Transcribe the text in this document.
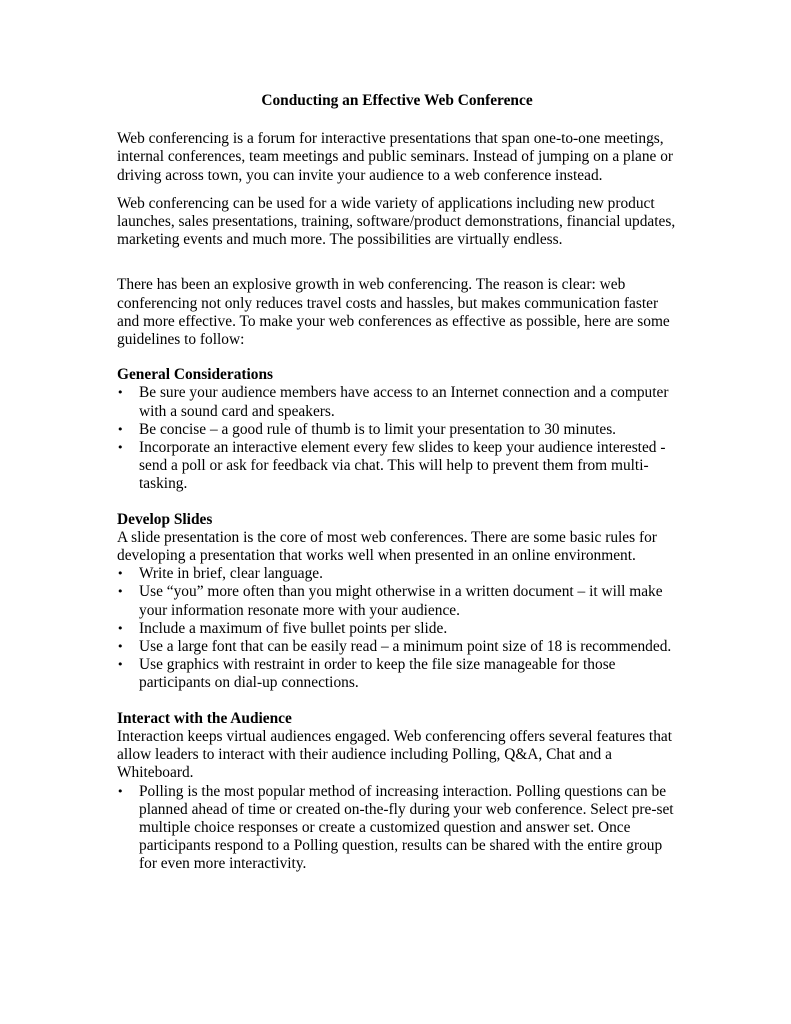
Conducting an Effective Web Conference

Web conferencing is a forum for interactive presentations that span one-to-one meetings, internal conferences, team meetings and public seminars. Instead of jumping on a plane or driving across town, you can invite your audience to a web conference instead.

Web conferencing can be used for a wide variety of applications including new product launches, sales presentations, training, software/product demonstrations, financial updates, marketing events and much more. The possibilities are virtually endless.

There has been an explosive growth in web conferencing. The reason is clear: web conferencing not only reduces travel costs and hassles, but makes communication faster and more effective. To make your web conferences as effective as possible, here are some guidelines to follow:

General Considerations
•	Be sure your audience members have access to an Internet connection and a computer with a sound card and speakers.
•	Be concise – a good rule of thumb is to limit your presentation to 30 minutes.
•	Incorporate an interactive element every few slides to keep your audience interested - send a poll or ask for feedback via chat. This will help to prevent them from multi-tasking.
Develop Slides

A slide presentation is the core of most web conferences. There are some basic rules for developing a presentation that works well when presented in an online environment.

•	Write in brief, clear language.
•	Use “you” more often than you might otherwise in a written document – it will make your information resonate more with your audience.
•	Include a maximum of five bullet points per slide.
•	Use a large font that can be easily read – a minimum point size of 18 is recommended.
•	Use graphics with restraint in order to keep the file size manageable for those participants on dial-up connections.
Interact with the Audience

Interaction keeps virtual audiences engaged. Web conferencing offers several features that allow leaders to interact with their audience including Polling, Q&A, Chat and a Whiteboard.

•	Polling is the most popular method of increasing interaction. Polling questions can be planned ahead of time or created on-the-fly during your web conference. Select pre-set multiple choice responses or create a customized question and answer set. Once participants respond to a Polling question, results can be shared with the entire group for even more interactivity.
